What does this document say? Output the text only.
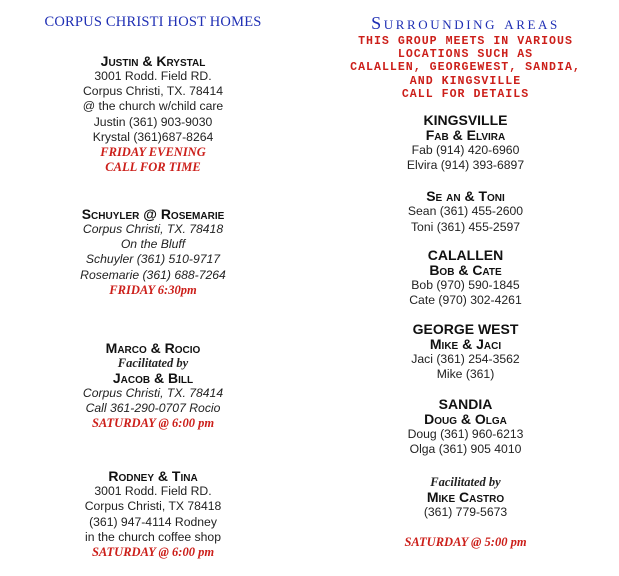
CORPUS CHRISTI HOST HOMES
Justin & Krystal
3001 Rodd. Field RD.
Corpus Christi, TX. 78414
@ the church w/child care
Justin (361) 903-9030
Krystal (361)687-8264
FRIDAY EVENING
CALL FOR TIME
Schuyler @ Rosemarie
Corpus Christi, TX. 78418
On the Bluff
Schuyler (361) 510-9717
Rosemarie (361) 688-7264
FRIDAY 6:30pm
Marco & Rocio
Facilitated by
Jacob & Bill
Corpus Christi, TX. 78414
Call 361-290-0707 Rocio
SATURDAY @ 6:00 pm
Rodney & Tina
3001 Rodd. Field RD.
Corpus Christi, TX 78418
(361) 947-4114 Rodney
in the church coffee shop
SATURDAY @ 6:00 pm
Surrounding areas
THIS GROUP MEETS IN VARIOUS
LOCATIONS SUCH AS
CALALLEN, GEORGEWEST, SANDIA,
AND KINGSVILLE
CALL FOR DETAILS
KINGSVILLE
Fab & Elvira
Fab (914) 420-6960
Elvira (914) 393-6897
Se an & Toni
Sean (361) 455-2600
Toni (361) 455-2597
CALALLEN
Bob & Cate
Bob (970) 590-1845
Cate (970) 302-4261
GEORGE WEST
Mike & Jaci
Jaci (361) 254-3562
Mike (361)
SANDIA
Doug & Olga
Doug (361) 960-6213
Olga (361) 905 4010
Facilitated by
Mike Castro
(361) 779-5673
SATURDAY @ 5:00 pm
